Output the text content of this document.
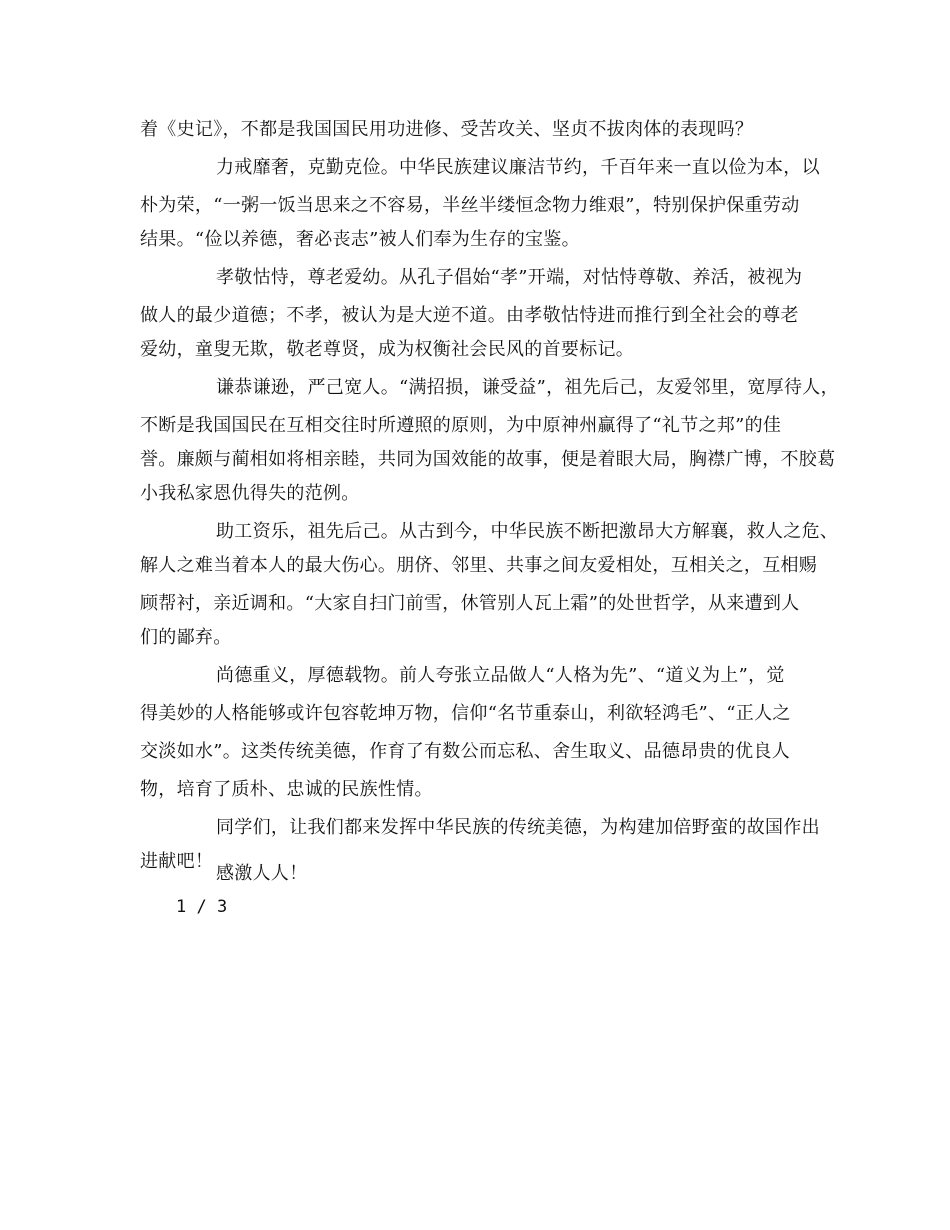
着《史记》，不都是我国国民用功进修、受苦攻关、坚贞不拔肉体的表现吗？
力戒靡奢，克勤克俭。中华民族建议廉洁节约，千百年来一直以俭为本，以
朴为荣，“一粥一饭当思来之不容易，半丝半缕恒念物力维艰”，特别保护保重劳动
结果。“俭以养德，奢必丧志”被人们奉为生存的宝鉴。
孝敬怙恃，尊老爱幼。从孔子倡始“孝”开端，对怙恃尊敬、养活，被视为
做人的最少道德；不孝，被认为是大逆不道。由孝敬怙恃进而推行到全社会的尊老
爱幼，童叟无欺，敬老尊贤，成为权衡社会民风的首要标记。
谦恭谦逊，严己宽人。“满招损，谦受益”，祖先后己，友爱邻里，宽厚待人，
不断是我国国民在互相交往时所遵照的原则，为中原神州赢得了“礼节之邦”的佳
誉。廉颇与蔺相如将相亲睦，共同为国效能的故事，便是着眼大局，胸襟广博，不胶葛
小我私家恩仇得失的范例。
助工资乐，祖先后己。从古到今，中华民族不断把激昂大方解襄，救人之危、
解人之难当着本人的最大伤心。朋侪、邻里、共事之间友爱相处，互相关之，互相赐
顾帮衬，亲近调和。“大家自扫门前雪，休管别人瓦上霜”的处世哲学，从来遭到人
们的鄙弃。
尚德重义，厚德载物。前人夸张立品做人“人格为先”、“道义为上”，觉
得美妙的人格能够或许包容乾坤万物，信仰“名节重泰山，利欲轻鸿毛”、“正人之
交淡如水”。这类传统美德，作育了有数公而忘私、舍生取义、品德昂贵的优良人
物，培育了质朴、忠诚的民族性情。
同学们，让我们都来发挥中华民族的传统美德，为构建加倍野蛮的故国作出
进献吧！
感激人人！
1 / 3
